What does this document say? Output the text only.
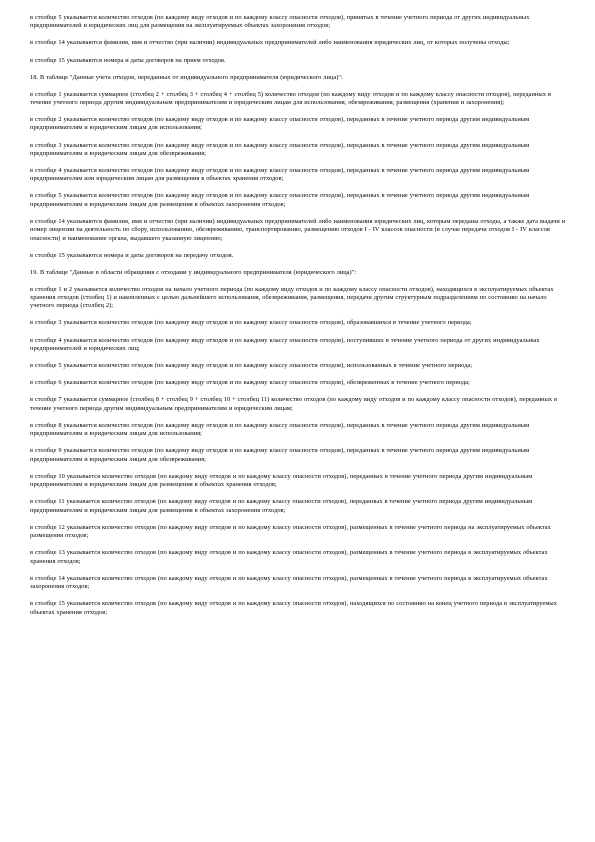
в столбце 5 указывается количество отходов (по каждому виду отходов и по каждому классу опасности отходов), принятых в течение учетного периода от других индивидуальных предпринимателей и юридических лиц для размещения на эксплуатируемых объектах захоронения отходов;

в столбце 14 указываются фамилия, имя и отчество (при наличии) индивидуальных предпринимателей либо наименования юридических лиц, от которых получены отходы;

в столбце 15 указываются номера и даты договоров на прием отходов.

18. В таблице "Данные учета отходов, переданных от индивидуального предпринимателя (юридического лица)":

в столбце 1 указывается суммарное (столбец 2 + столбец 3 + столбец 4 + столбец 5) количество отходов (по каждому виду отходов и по каждому классу опасности отходов), переданных в течение учетного периода другим индивидуальным предпринимателям и юридическим лицам для использования, обезвреживания, размещения (хранения и захоронения);

в столбце 2 указывается количество отходов (по каждому виду отходов и по каждому классу опасности отходов), переданных в течение учетного периода другим индивидуальным предпринимателям и юридическим лицам для использования;

в столбце 3 указывается количество отходов (по каждому виду отходов и по каждому классу опасности отходов), переданных в течение учетного периода другим индивидуальным предпринимателям и юридическим лицам для обезвреживания;

в столбце 4 указывается количество отходов (по каждому виду отходов и по каждому классу опасности отходов), переданных в течение учетного периода другим индивидуальным предпринимателям или юридическим лицам для размещения в объектах хранения отходов;

в столбце 5 указывается количество отходов (по каждому виду отходов и по каждому классу опасности отходов), переданных в течение учетного периода другим индивидуальным предпринимателям и юридическим лицам для размещения в объектах захоронения отходов;

в столбце 14 указываются фамилия, имя и отчество (при наличии) индивидуальных предпринимателей либо наименования юридических лиц, которым переданы отходы, а также дата выдачи и номер лицензии на деятельность по сбору, использованию, обезвреживанию, транспортированию, размещению отходов I - IV классов опасности (в случае передачи отходов I - IV классов опасности) и наименование органа, выдавшего указанную лицензию;

в столбце 15 указываются номера и даты договоров на передачу отходов.

19. В таблице "Данные в области обращения с отходами у индивидуального предпринимателя (юридического лица)":

в столбце 1 и 2 указывается количество отходов на начало учетного периода (по каждому виду отходов и по каждому классу опасности отходов), находящихся в эксплуатируемых объектах хранения отходов (столбец 1) и накопленных с целью дальнейшего использования, обезвреживания, размещения, передачи другим структурным подразделениям по состоянию на начало учетного периода (столбец 2);

в столбце 3 указывается количество отходов (по каждому виду отходов и по каждому классу опасности отходов), образовавшихся в течение учетного периода;

в столбце 4 указывается количество отходов (по каждому виду отходов и по каждому классу опасности отходов), поступивших в течение учетного периода от других индивидуальных предпринимателей и юридических лиц;

в столбце 5 указывается количество отходов (по каждому виду отходов и по каждому классу опасности отходов), использованных в течение учетного периода;

в столбце 6 указывается количество отходов (по каждому виду отходов и по каждому классу опасности отходов), обезвреженных в течение учетного периода;

в столбце 7 указывается суммарное (столбец 8 + столбец 9 + столбец 10 + столбец 11) количество отходов (по каждому виду отходов и по каждому классу опасности отходов), переданных в течение учетного периода другим индивидуальным предпринимателям и юридическим лицам;

в столбце 8 указывается количество отходов (по каждому виду отходов и по каждому классу опасности отходов), переданных в течение учетного периода другим индивидуальным предпринимателям и юридическим лицам для использования;

в столбце 9 указывается количество отходов (по каждому виду отходов и по каждому классу опасности отходов), переданных в течение учетного периода другим индивидуальным предпринимателям и юридическим лицам для обезвреживания;

в столбце 10 указывается количество отходов (по каждому виду отходов и по каждому классу опасности отходов), переданных в течение учетного периода другим индивидуальным предпринимателям и юридическим лицам для размещения в объектах хранения отходов;

в столбце 11 указывается количество отходов (по каждому виду отходов и по каждому классу опасности отходов), переданных в течение учетного периода другим индивидуальным предпринимателям и юридическим лицам для размещения в объектах захоронения отходов;

в столбце 12 указывается количество отходов (по каждому виду отходов и по каждому классу опасности отходов), размещенных в течение учетного периода на эксплуатируемых объектах размещения отходов;

в столбце 13 указывается количество отходов (по каждому виду отходов и по каждому классу опасности отходов), размещенных в течение учетного периода в эксплуатируемых объектах хранения отходов;

в столбце 14 указывается количество отходов (по каждому виду отходов и по каждому классу опасности отходов), размещенных в течение учетного периода в эксплуатируемых объектах захоронения отходов;

в столбце 15 указывается количество отходов (по каждому виду отходов и по каждому классу опасности отходов), находящихся по состоянию на конец учетного периода в эксплуатируемых объектах хранения отходов;
